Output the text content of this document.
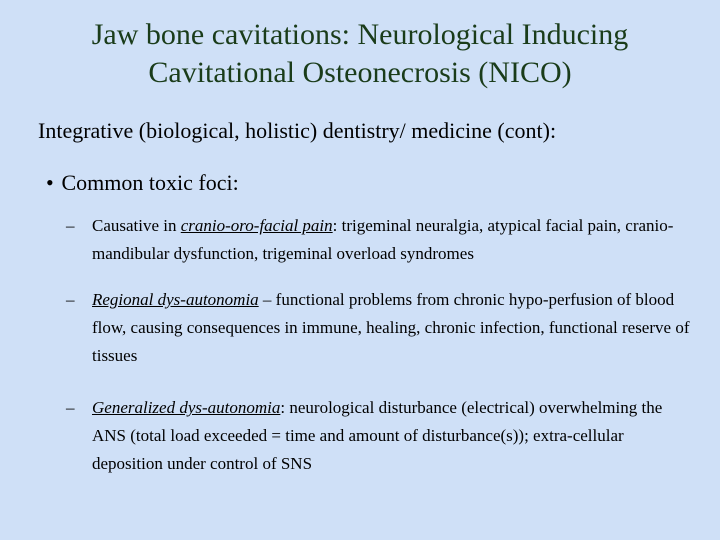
Jaw bone cavitations: Neurological Inducing
Cavitational Osteonecrosis (NICO)
Integrative (biological, holistic) dentistry/ medicine (cont):
• Common toxic foci:
–	Causative in cranio-oro-facial pain: trigeminal neuralgia, atypical facial pain, cranio-mandibular dysfunction, trigeminal overload syndromes
–	Regional dys-autonomia – functional problems from chronic hypo-perfusion of blood flow, causing consequences in immune, healing, chronic infection, functional reserve of tissues
–	Generalized dys-autonomia: neurological disturbance (electrical) overwhelming the ANS (total load exceeded = time and amount of disturbance(s)); extra-cellular deposition under control of SNS
